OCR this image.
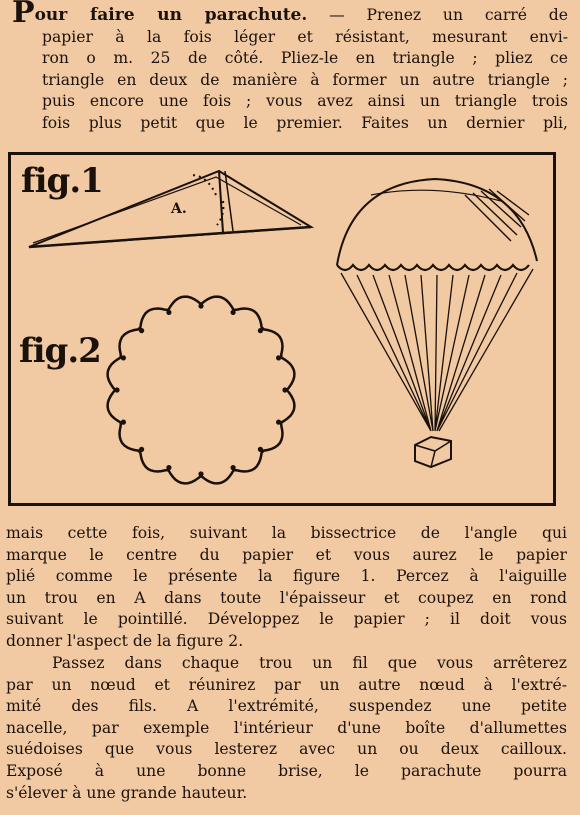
Pour faire un parachute. — Prenez un carré de
papier à la fois léger et résistant, mesurant envi-
ron o m. 25 de côté. Pliez-le en triangle ; pliez ce
triangle en deux de manière à former un autre triangle ;
puis encore une fois ; vous avez ainsi un triangle trois
fois plus petit que le premier. Faites un dernier pli,
fig.1
fig.2
A.
mais cette fois, suivant la bissectrice de l'angle qui
marque le centre du papier et vous aurez le papier
plié comme le présente la figure 1. Percez à l'aiguille
un trou en A dans toute l'épaisseur et coupez en rond
suivant le pointillé. Développez le papier ; il doit vous
donner l'aspect de la figure 2.
Passez dans chaque trou un fil que vous arrêterez
par un nœud et réunirez par un autre nœud à l'extré-
mité des fils. A l'extrémité, suspendez une petite
nacelle, par exemple l'intérieur d'une boîte d'allumettes
suédoises que vous lesterez avec un ou deux cailloux.
Exposé à une bonne brise, le parachute pourra
s'élever à une grande hauteur.
